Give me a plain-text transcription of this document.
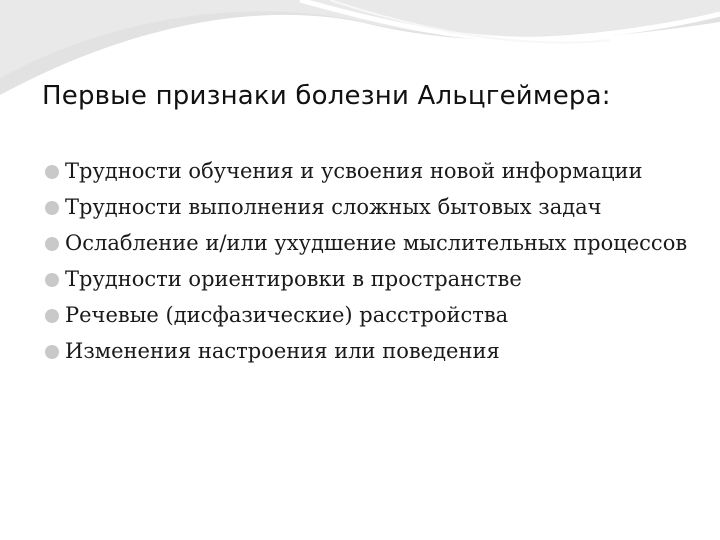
Первые признаки болезни Альцгеймера:
Трудности обучения и усвоения новой информации
Трудности выполнения сложных бытовых задач
Ослабление и/или ухудшение мыслительных процессов
Трудности ориентировки в пространстве
Речевые (дисфазические) расстройства
Изменения настроения или поведения
